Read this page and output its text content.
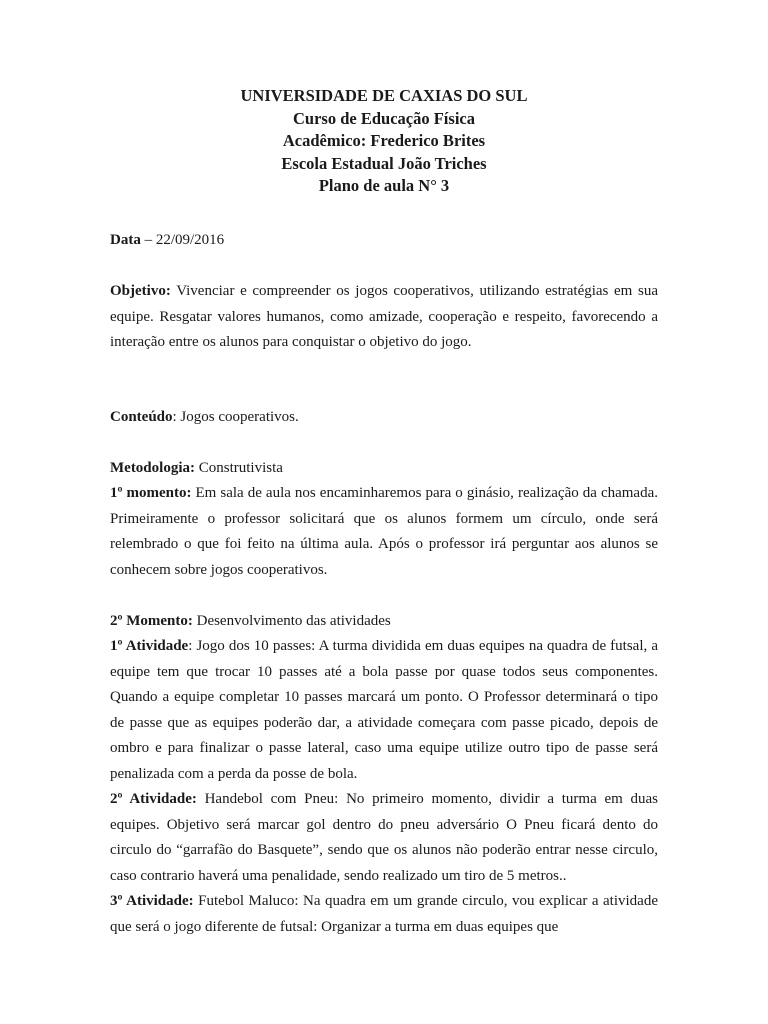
UNIVERSIDADE DE CAXIAS DO SUL
Curso de Educação Física
Acadêmico: Frederico Brites
Escola Estadual João Triches
Plano de aula N° 3

Data – 22/09/2016

Objetivo: Vivenciar e compreender os jogos cooperativos, utilizando estratégias em sua equipe. Resgatar valores humanos, como amizade, cooperação e respeito, favorecendo a interação entre os alunos para conquistar o objetivo do jogo.

Conteúdo: Jogos cooperativos.

Metodologia: Construtivista

1º momento: Em sala de aula nos encaminharemos para o ginásio, realização da chamada. Primeiramente o professor solicitará que os alunos formem um círculo, onde será relembrado o que foi feito na última aula. Após o professor irá perguntar aos alunos se conhecem sobre jogos cooperativos.

2º Momento: Desenvolvimento das atividades

1º Atividade: Jogo dos 10 passes: A turma dividida em duas equipes na quadra de futsal, a equipe tem que trocar 10 passes até a bola passe por quase todos seus componentes. Quando a equipe completar 10 passes marcará um ponto. O Professor determinará o tipo de passe que as equipes poderão dar, a atividade começara com passe picado, depois de ombro e para finalizar o passe lateral, caso uma equipe utilize outro tipo de passe será penalizada com a perda da posse de bola.

2º Atividade: Handebol com Pneu: No primeiro momento, dividir a turma em duas equipes. Objetivo será marcar gol dentro do pneu adversário O Pneu ficará dento do circulo do “garrafão do Basquete”, sendo que os alunos não poderão entrar nesse circulo, caso contrario haverá uma penalidade, sendo realizado um tiro de 5 metros..

3º Atividade: Futebol Maluco: Na quadra em um grande circulo, vou explicar a atividade que será o jogo diferente de futsal: Organizar a turma em duas equipes que
